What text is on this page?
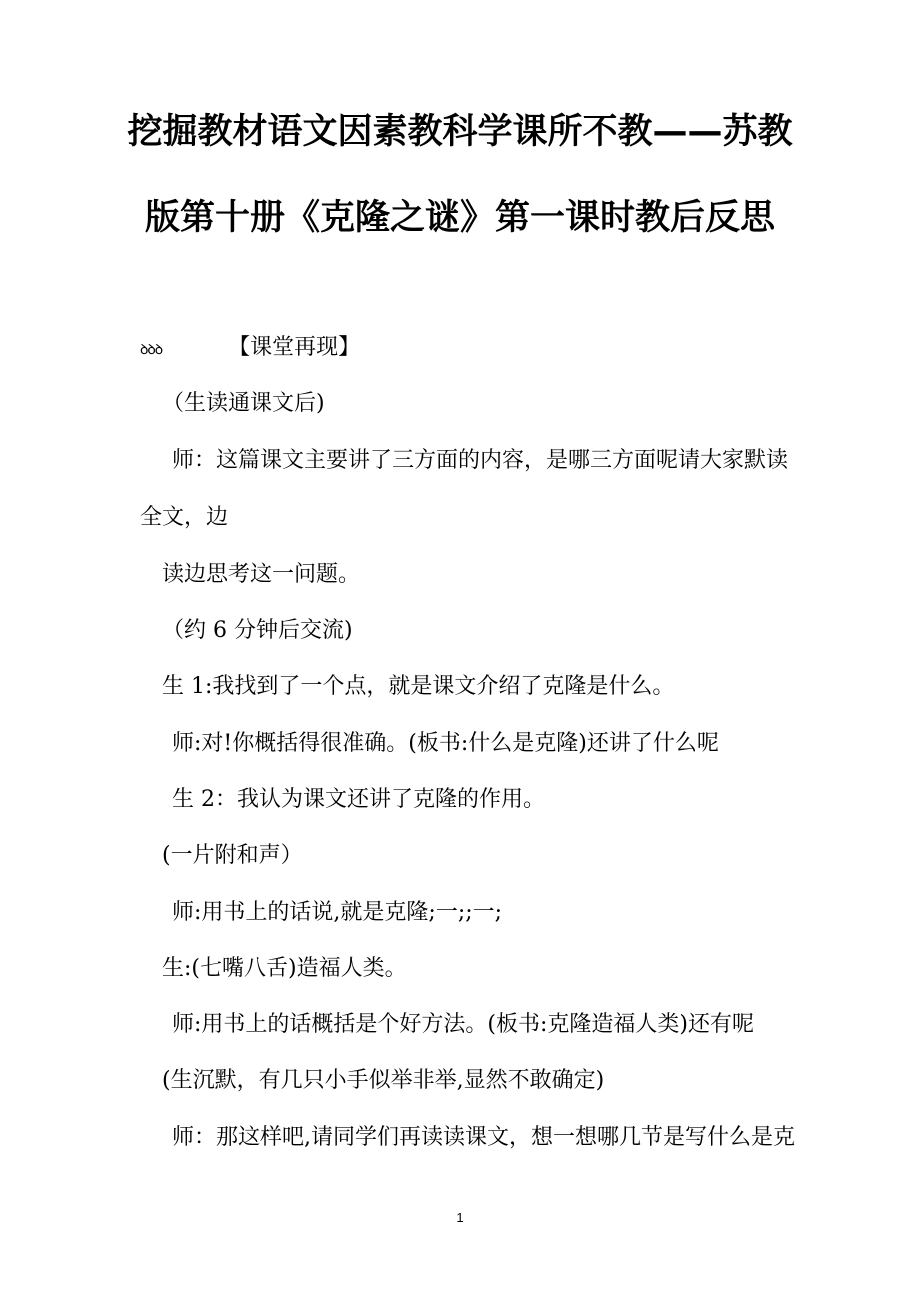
挖掘教材语文因素教科学课所不教——苏教
版第十册《克隆之谜》第一课时教后反思
ꝺꝺꝺ	【课堂再现】
（生读通课文后)
师：这篇课文主要讲了三方面的内容，是哪三方面呢请大家默读
全文，边
读边思考这一问题。
（约 6 分钟后交流)
生 1:我找到了一个点，就是课文介绍了克隆是什么。
师:对!你概括得很准确。(板书:什么是克隆)还讲了什么呢
生 2：我认为课文还讲了克隆的作用。
(一片附和声）
师:用书上的话说,就是克隆;一;;一;
生:(七嘴八舌)造福人类。
师:用书上的话概括是个好方法。(板书:克隆造福人类)还有呢
(生沉默，有几只小手似举非举,显然不敢确定)
师：那这样吧,请同学们再读读课文，想一想哪几节是写什么是克
1
